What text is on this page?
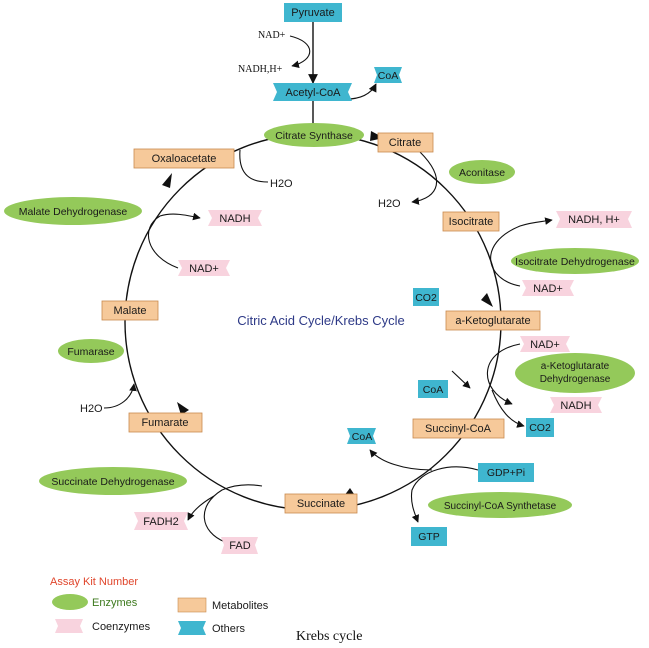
Citrate Synthase
Aconitase
Malate Dehydrogenase
Isocitrate Dehydrogenase
a-Ketoglutarate
Dehydrogenase
Fumarase
Succinate Dehydrogenase
Succinyl-CoA Synthetase
Oxaloacetate
Citrate
Isocitrate
a-Ketoglutarate
Succinyl-CoA
Succinate
Fumarate
Malate
Pyruvate
Acetyl-CoA
CoA
CO2
CoA
CO2
CoA
GDP+Pi
GTP
NADH
NAD+
NADH, H+
NAD+
NAD+
NADH
FADH2
FAD
NAD+
NADH,H+
H2O
H2O
H2O
Citric Acid Cycle/Krebs Cycle
Assay Kit Number
Enzymes	Metabolites
Coenzymes	Others	Krebs cycle
